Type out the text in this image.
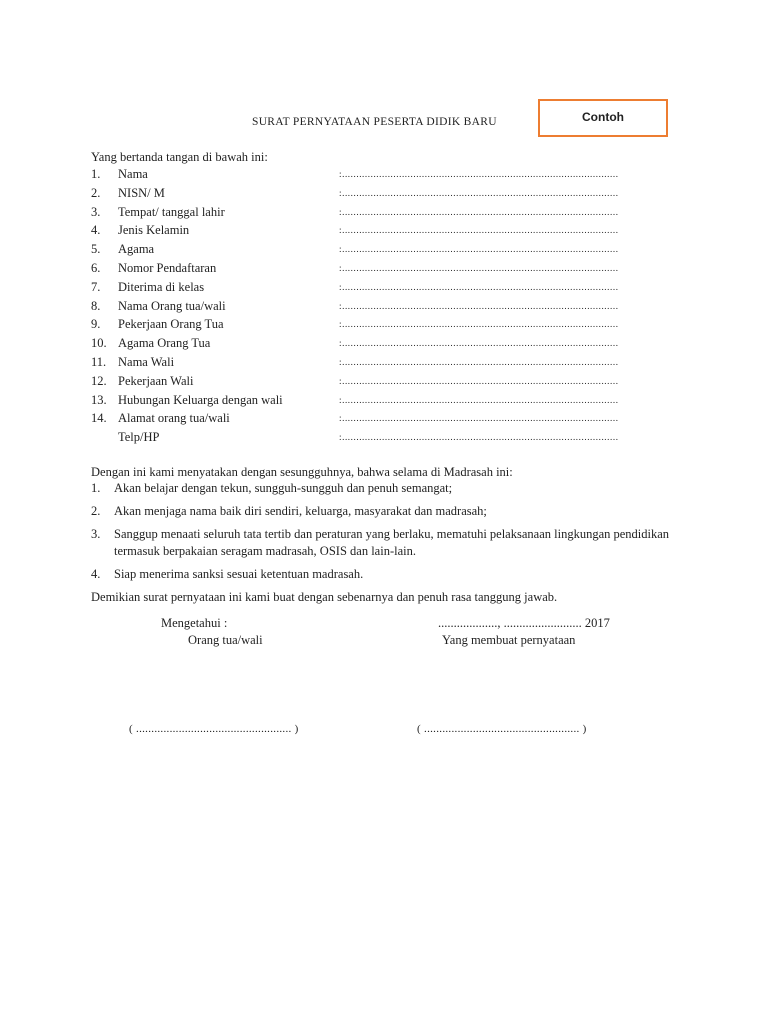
SURAT PERNYATAAN PESERTA DIDIK BARU	Contoh
Yang bertanda tangan di bawah ini:
1.	Nama	:.................................................................................................
2.	NISN/ M	:.................................................................................................
3.	Tempat/ tanggal lahir	:.................................................................................................
4.	Jenis Kelamin	:.................................................................................................
5.	Agama	:.................................................................................................
6.	Nomor Pendaftaran	:.................................................................................................
7.	Diterima di kelas	:.................................................................................................
8.	Nama Orang tua/wali	:.................................................................................................
9.	Pekerjaan Orang Tua	:.................................................................................................
10. Agama Orang Tua	:.................................................................................................
11. Nama Wali	:.................................................................................................
12. Pekerjaan Wali	:.................................................................................................
13. Hubungan Keluarga dengan wali	:.................................................................................................
14. Alamat orang tua/wali	:.................................................................................................
Telp/HP	:.................................................................................................
Dengan ini kami menyatakan dengan sesungguhnya, bahwa selama di Madrasah ini:
1. Akan belajar dengan tekun, sungguh-sungguh dan penuh semangat;
2. Akan menjaga nama baik diri sendiri, keluarga, masyarakat dan madrasah;
3. Sanggup menaati seluruh tata tertib dan peraturan yang berlaku, mematuhi pelaksanaan lingkungan pendidikan termasuk berpakaian seragam madrasah, OSIS dan lain-lain.
4. Siap menerima sanksi sesuai ketentuan madrasah.
Demikian surat pernyataan ini kami buat dengan sebenarnya dan penuh rasa tanggung jawab.
Mengetahui :
Orang tua/wali
..................., ......................... 2017
Yang membuat pernyataan
( ................................................... )	( ................................................... )
